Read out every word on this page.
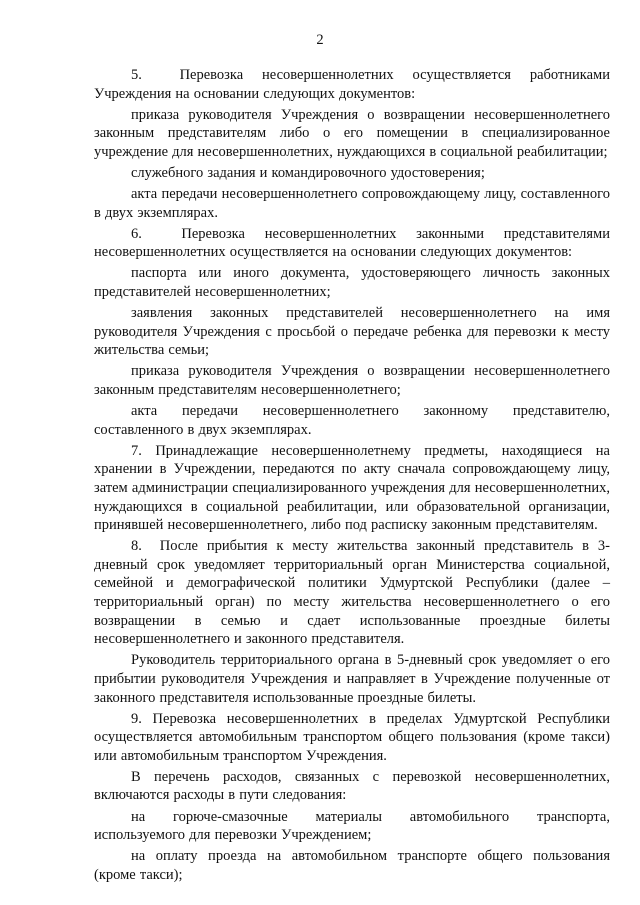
2

5.  Перевозка несовершеннолетних осуществляется работниками Учреждения на основании следующих документов:

приказа руководителя Учреждения о возвращении несовершеннолетнего законным представителям либо о его помещении в специализированное учреждение для несовершеннолетних, нуждающихся в социальной реабилитации;

служебного задания и командировочного удостоверения;

акта передачи несовершеннолетнего сопровождающему лицу, составленного в двух экземплярах.

6.  Перевозка несовершеннолетних законными представителями несовершеннолетних осуществляется на основании следующих документов:

паспорта или иного документа, удостоверяющего личность законных представителей несовершеннолетних;

заявления законных представителей несовершеннолетнего на имя руководителя Учреждения с просьбой о передаче ребенка для перевозки к месту жительства семьи;

приказа руководителя Учреждения о возвращении несовершеннолетнего законным представителям несовершеннолетнего;

акта передачи несовершеннолетнего законному представителю, составленного в двух экземплярах.

7. Принадлежащие несовершеннолетнему предметы, находящиеся на хранении в Учреждении, передаются по акту сначала сопровождающему лицу, затем администрации специализированного учреждения для несовершеннолетних, нуждающихся в социальной реабилитации, или образовательной организации, принявшей несовершеннолетнего, либо под расписку законным представителям.

8.  После прибытия к месту жительства законный представитель в 3-дневный срок уведомляет территориальный орган Министерства социальной, семейной и демографической политики Удмуртской Республики (далее – территориальный орган) по месту жительства несовершеннолетнего о его возвращении в семью и сдает использованные проездные билеты несовершеннолетнего и законного представителя.

Руководитель территориального органа в 5-дневный срок уведомляет о его прибытии руководителя Учреждения и направляет в Учреждение полученные от законного представителя использованные проездные билеты.

9. Перевозка несовершеннолетних в пределах Удмуртской Республики осуществляется автомобильным транспортом общего пользования (кроме такси) или автомобильным транспортом Учреждения.

В перечень расходов, связанных с перевозкой несовершеннолетних, включаются расходы в пути следования:

на горюче-смазочные материалы автомобильного транспорта, используемого для перевозки Учреждением;

на оплату проезда на автомобильном транспорте общего пользования (кроме такси);
